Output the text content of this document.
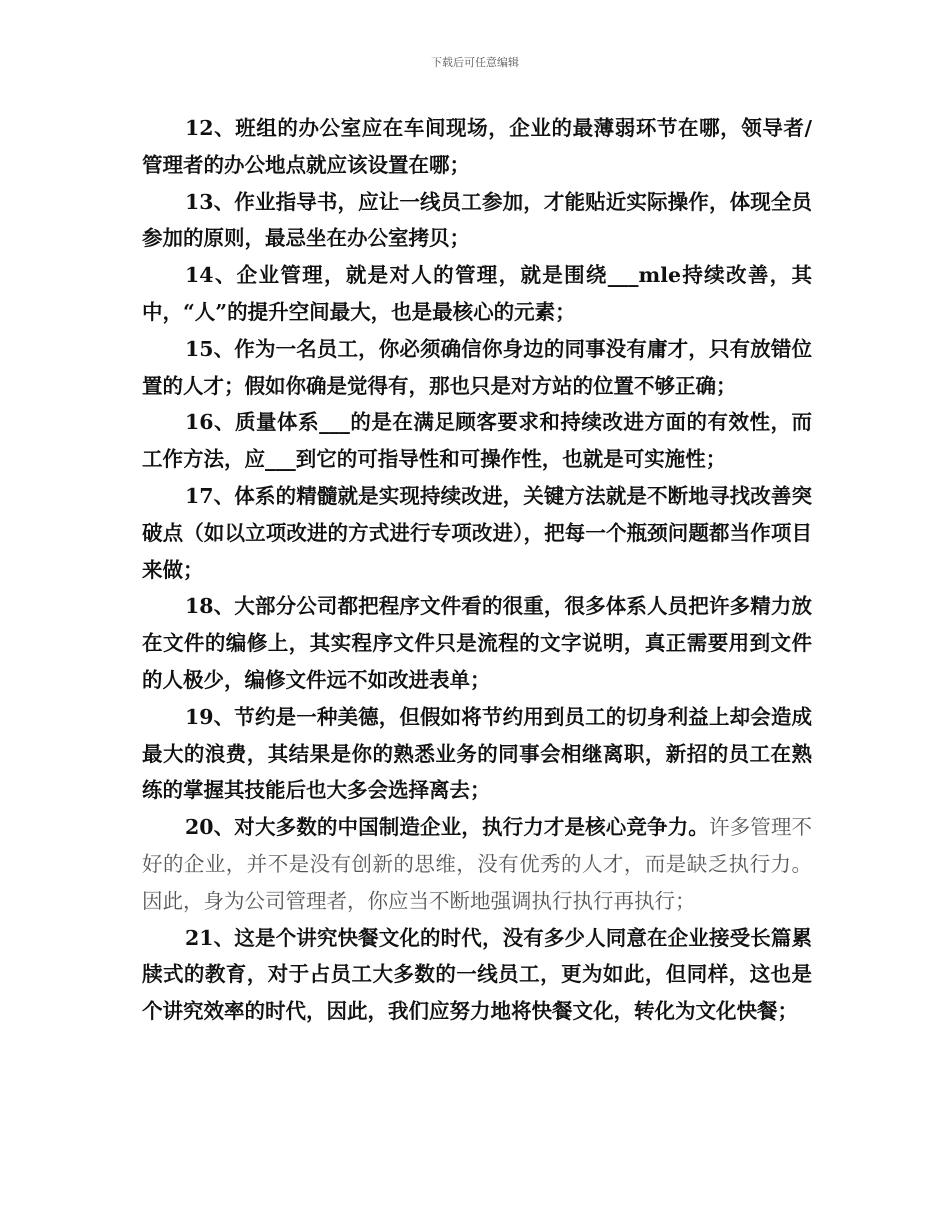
下载后可任意编辑

12、班组的办公室应在车间现场，企业的最薄弱环节在哪，领导者/管理者的办公地点就应该设置在哪；

13、作业指导书，应让一线员工参加，才能贴近实际操作，体现全员参加的原则，最忌坐在办公室拷贝；

14、企业管理，就是对人的管理，就是围绕___mle持续改善，其中，“人”的提升空间最大，也是最核心的元素；

15、作为一名员工，你必须确信你身边的同事没有庸才，只有放错位置的人才；假如你确是觉得有，那也只是对方站的位置不够正确；

16、质量体系___的是在满足顾客要求和持续改进方面的有效性，而工作方法，应___到它的可指导性和可操作性，也就是可实施性；

17、体系的精髓就是实现持续改进，关键方法就是不断地寻找改善突破点（如以立项改进的方式进行专项改进），把每一个瓶颈问题都当作项目来做；

18、大部分公司都把程序文件看的很重，很多体系人员把许多精力放在文件的编修上，其实程序文件只是流程的文字说明，真正需要用到文件的人极少，编修文件远不如改进表单；

19、节约是一种美德，但假如将节约用到员工的切身利益上却会造成最大的浪费，其结果是你的熟悉业务的同事会相继离职，新招的员工在熟练的掌握其技能后也大多会选择离去；

20、对大多数的中国制造企业，执行力才是核心竞争力。许多管理不好的企业，并不是没有创新的思维，没有优秀的人才，而是缺乏执行力。因此，身为公司管理者，你应当不断地强调执行执行再执行；

21、这是个讲究快餐文化的时代，没有多少人同意在企业接受长篇累牍式的教育，对于占员工大多数的一线员工，更为如此，但同样，这也是个讲究效率的时代，因此，我们应努力地将快餐文化，转化为文化快餐；
